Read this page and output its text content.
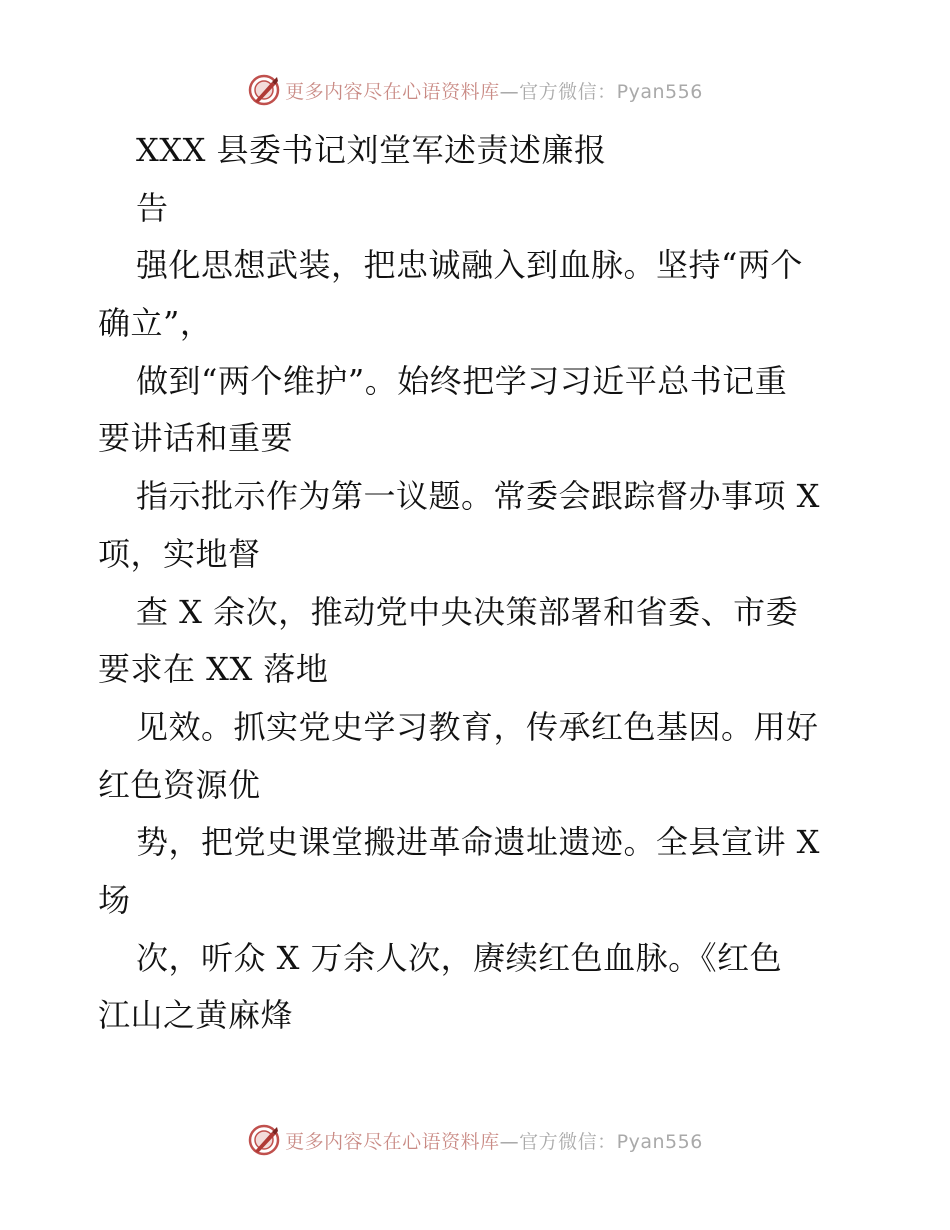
更多内容尽在心语资料库—官方微信：Pyan556
XXX 县委书记刘堂军述责述廉报
告
强化思想武装，把忠诚融入到血脉。坚持“两个
确立”，
做到“两个维护”。始终把学习习近平总书记重
要讲话和重要
指示批示作为第一议题。常委会跟踪督办事项 X
项，实地督
查 X 余次，推动党中央决策部署和省委、市委
要求在 XX 落地
见效。抓实党史学习教育，传承红色基因。用好
红色资源优
势，把党史课堂搬进革命遗址遗迹。全县宣讲 X
场
次，听众 X 万余人次，赓续红色血脉。《红色
江山之黄麻烽
更多内容尽在心语资料库—官方微信：Pyan556
